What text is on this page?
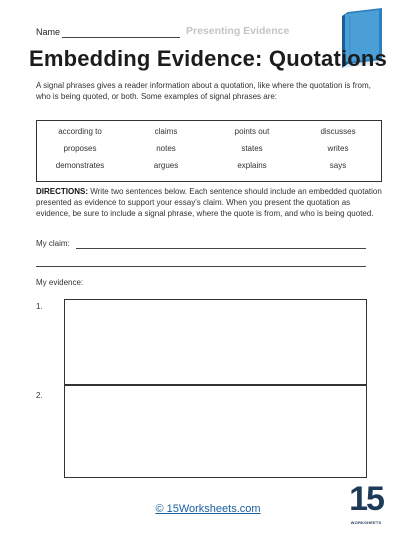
Name	Presenting Evidence
Embedding Evidence: Quotations
A signal phrases gives a reader information about a quotation, like where the quotation is from, who is being quoted, or both. Some examples of signal phrases are:
according to	claims	points out	discusses
proposes	notes	states	writes
demonstrates	argues	explains	says
DIRECTIONS: Write two sentences below. Each sentence should include an embedded quotation presented as evidence to support your essay's claim. When you present the quotation as evidence, be sure to include a signal phrase, where the quote is from, and who is being quoted.
My claim:
My evidence:
1.
2.
© 15Worksheets.com	15
WORKSHEETS
